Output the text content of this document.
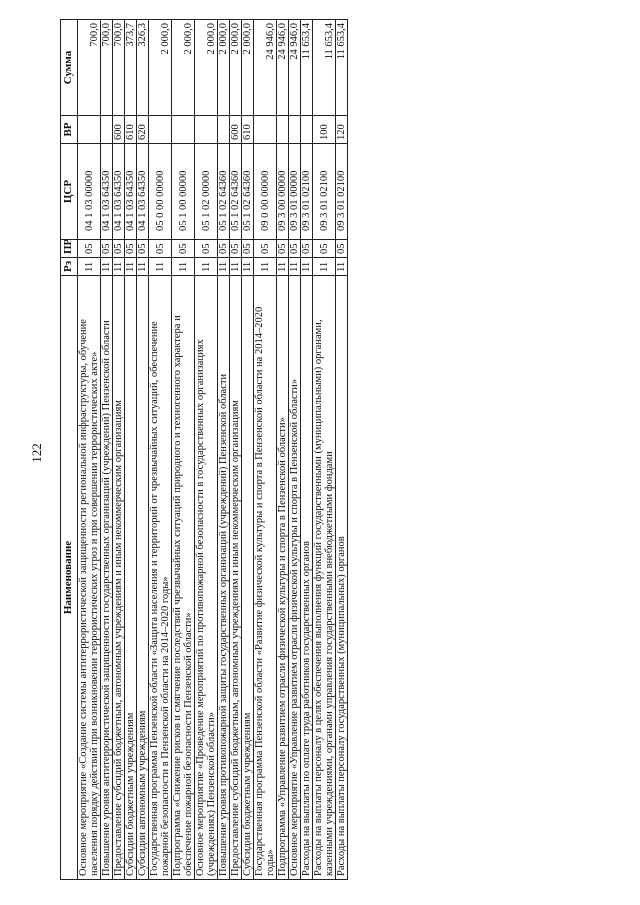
122
Наименование	Рз	ПР	ЦСР	ВР	Сумма
Основное мероприятие «Создание системы антитеррористической защищенности региональной инфраструктуры, обучение населения порядку действий при возникновении террористических угроз и при совершении террористических акте»	11	05	04 1 03 00000		700,0
Повышение уровня антитеррористической защищенности государственных организаций (учреждений) Пензенской области	11	05	04 1 03 64350		700,0
Предоставление субсидий бюджетным, автономным учреждениям и иным некоммерческим организациям	11	05	04 1 03 64350	600	700,0
Субсидии бюджетным учреждениям	11	05	04 1 03 64350	610	373,7
Субсидии автономным учреждениям	11	05	04 1 03 64350	620	326,3
Государственная программа Пензенской области «Защита населения и территорий от чрезвычайных ситуаций, обеспечение пожарной безопасности в Пензенской области на 2014–2020 годы»	11	05	05 0 00 00000		2 000,0
Подпрограмма «Снижение рисков и смягчение последствий чрезвычайных ситуаций природного и техногенного характера и обеспечение пожарной безопасности Пензенской области»	11	05	05 1 00 00000		2 000,0
Основное мероприятие «Проведение мероприятий по противопожарной безопасности в государственных организациях (учреждениях) Пензенской области»	11	05	05 1 02 00000		2 000,0
Повышение уровня противопожарной защиты государственных организаций (учреждений) Пензенской области	11	05	05 1 02 64360		2 000,0
Предоставление субсидий бюджетным, автономным учреждениям и иным некоммерческим организациям	11	05	05 1 02 64360	600	2 000,0
Субсидии бюджетным учреждениям	11	05	05 1 02 64360	610	2 000,0
Государственная программа Пензенской области «Развитие физической культуры и спорта в Пензенской области на 2014–2020 годы»	11	05	09 0 00 00000		24 946,0
Подпрограмма «Управление развитием отрасли физической культуры и спорта в Пензенской области»	11	05	09 3 00 00000		24 946,0
Основное мероприятие «Управление развитием отрасли физической культуры и спорта в Пензенской области»	11	05	09 3 01 00000		24 946,0
Расходы на выплаты по оплате труда работников государственных органов	11	05	09 3 01 02100		11 653,4
Расходы на выплаты персоналу в целях обеспечения выполнения функций государственными (муниципальными) органами, казенными учреждениями, органами управления государственными внебюджетными фондами	11	05	09 3 01 02100	100	11 653,4
Расходы на выплаты персоналу государственных (муниципальных) органов	11	05	09 3 01 02100	120	11 653,4
